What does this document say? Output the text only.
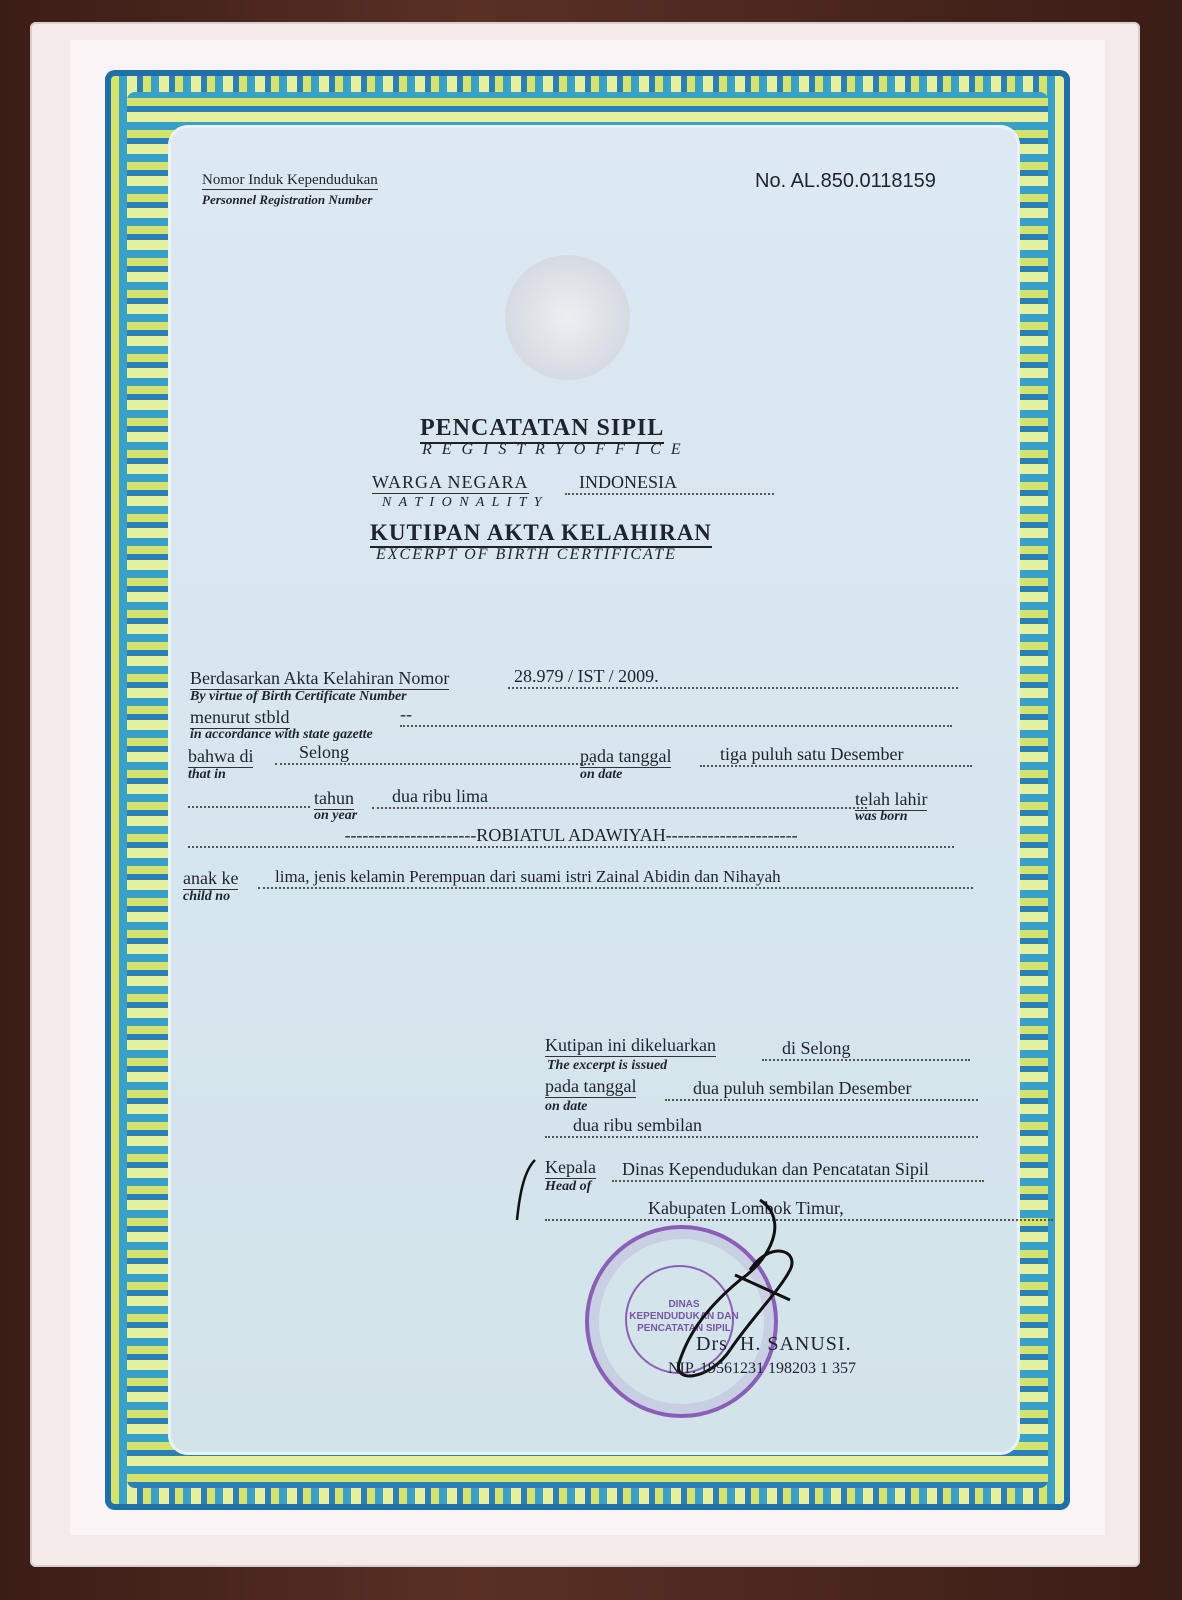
Nomor Induk Kependudukan
Personnel Registration Number
No. AL.850.0118159
PENCATATAN SIPIL
R E G I S T R Y O F F I C E
WARGA NEGARA
N A T I O N A L I T Y
INDONESIA
KUTIPAN AKTA KELAHIRAN
EXCERPT OF BIRTH CERTIFICATE
Berdasarkan Akta Kelahiran Nomor
By virtue of Birth Certificate Number
28.979 / IST / 2009.
menurut stbld
in accordance with state gazette
--
bahwa di
that in
Selong	pada tanggal
on date
tiga puluh satu Desember
tahun
on year
dua ribu lima	telah lahir
was born
----------------------ROBIATUL ADAWIYAH----------------------
anak ke
child no
lima, jenis kelamin Perempuan dari suami istri Zainal Abidin dan Nihayah
Kutipan ini dikeluarkan
The excerpt is issued
di Selong
pada tanggal
on date
dua puluh sembilan Desember
dua ribu sembilan
Kepala
Head of
Dinas Kependudukan dan Pencatatan Sipil
Kabupaten Lombok Timur,
DINAS KEPENDUDUKAN DAN PENCATATAN SIPIL
Drs. H. SANUSI.
NIP. 19561231 198203 1 357
